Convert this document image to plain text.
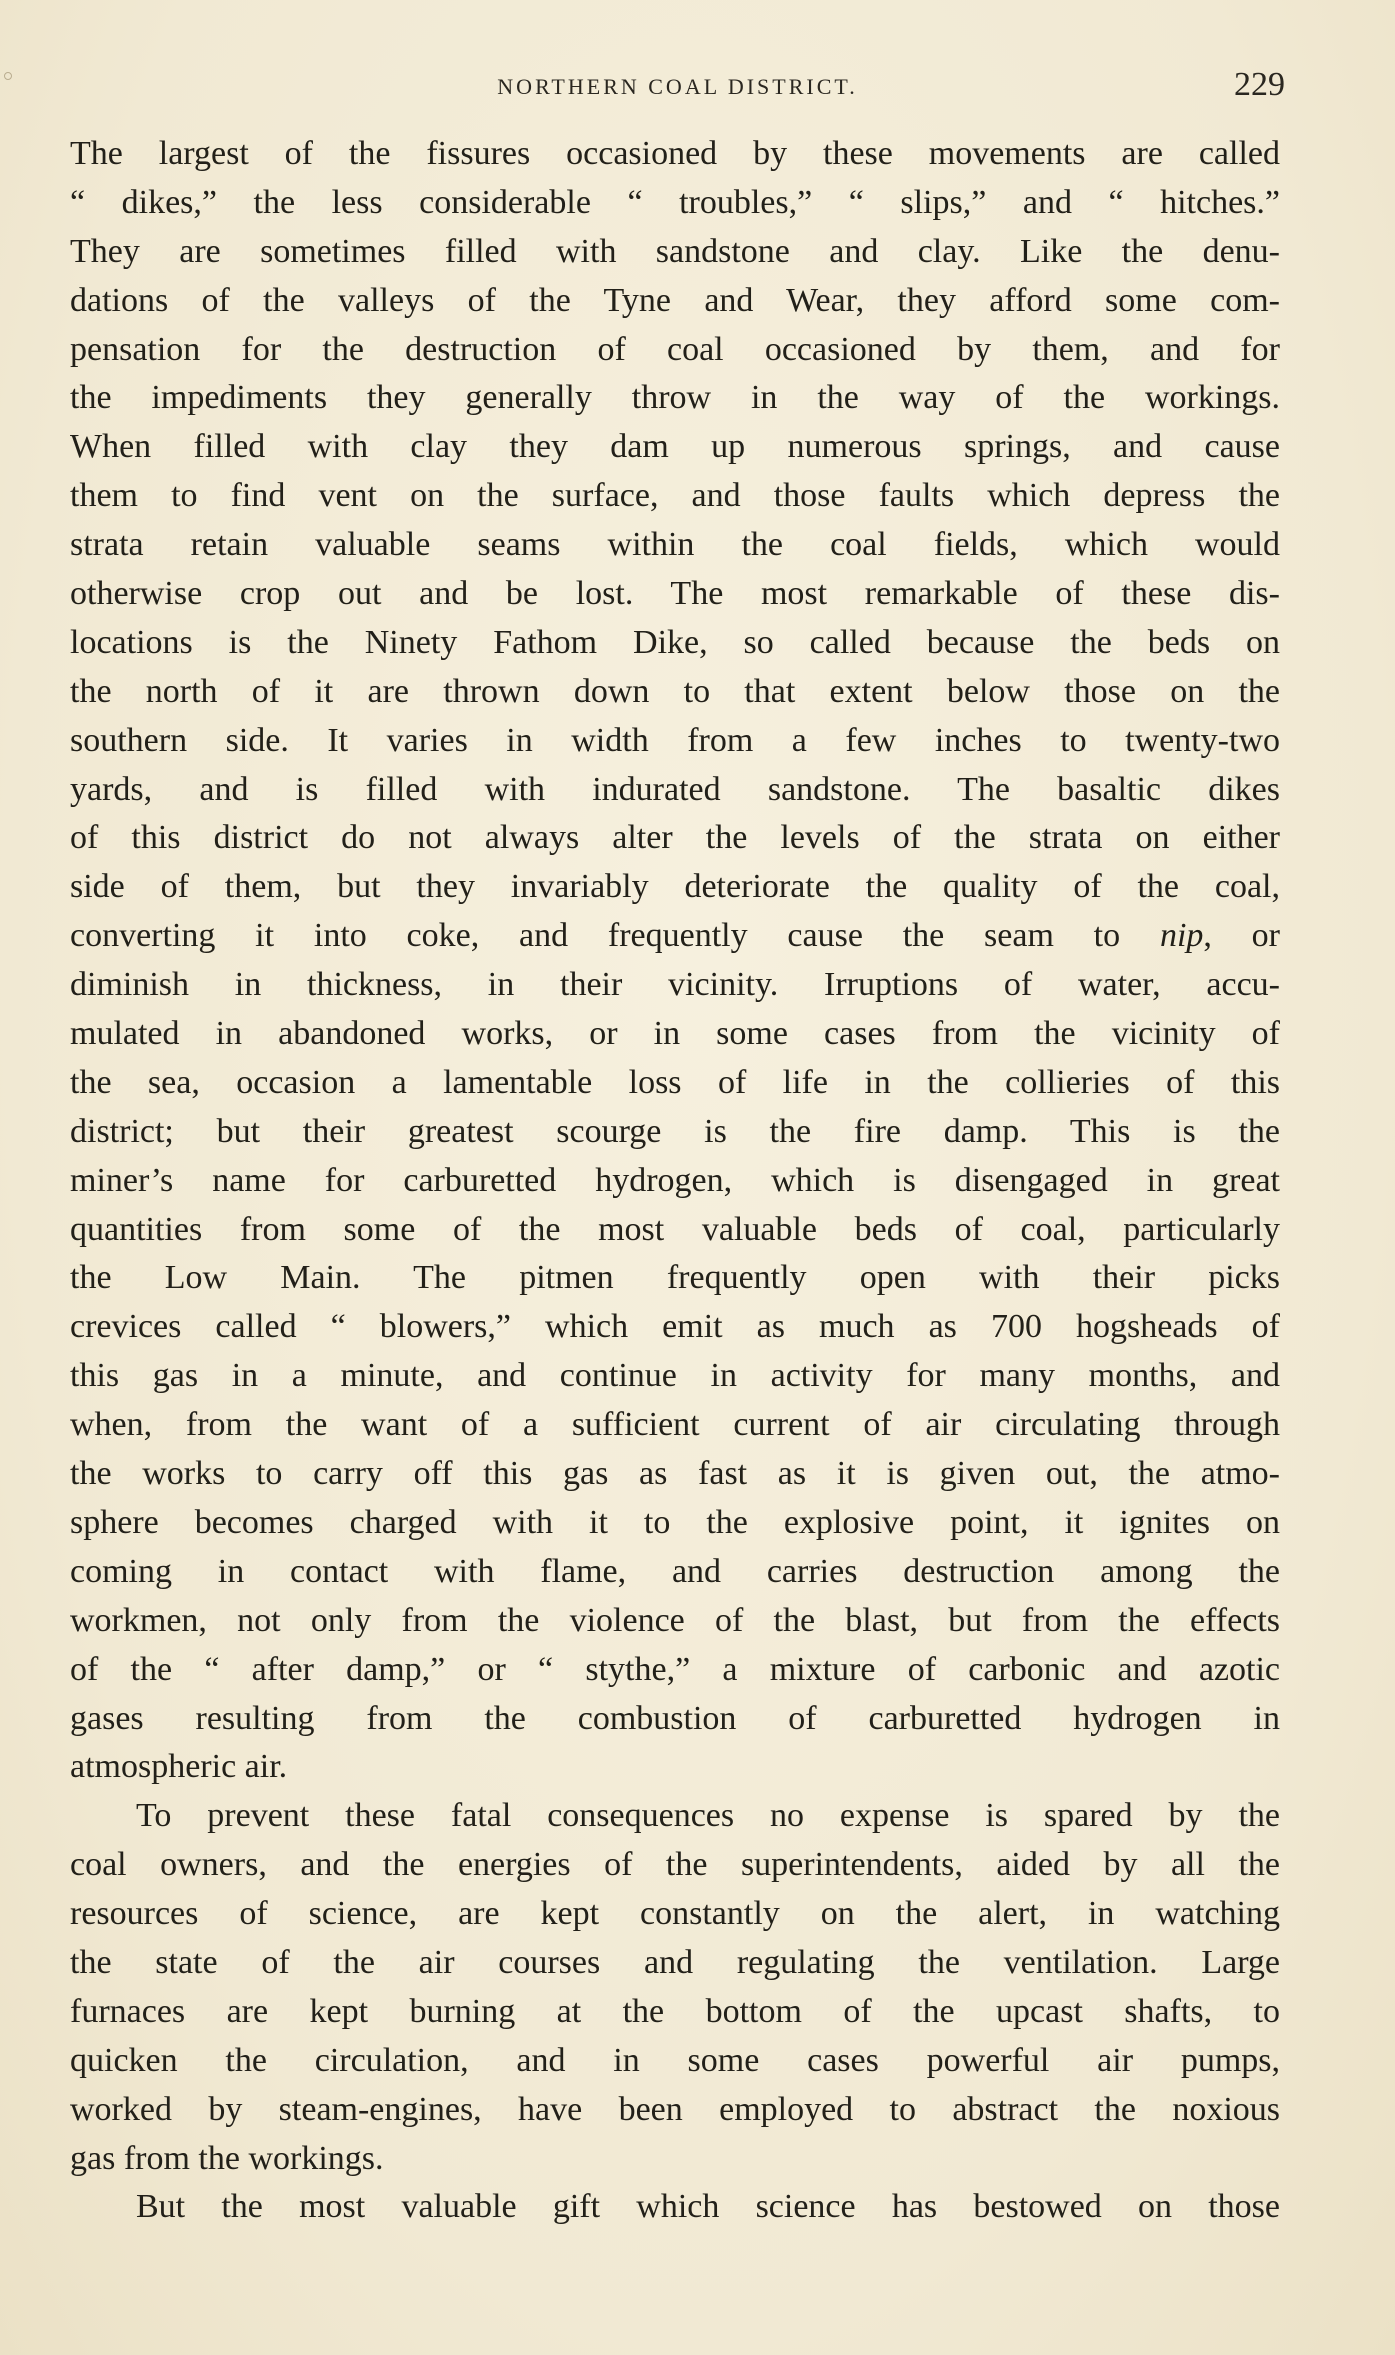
NORTHERN COAL DISTRICT.	229
The largest of the fissures occasioned by these movements are called
“ dikes,” the less considerable “ troubles,” “ slips,” and “ hitches.”
They are sometimes filled with sandstone and clay. Like the denu-
dations of the valleys of the Tyne and Wear, they afford some com-
pensation for the destruction of coal occasioned by them, and for
the impediments they generally throw in the way of the workings.
When filled with clay they dam up numerous springs, and cause
them to find vent on the surface, and those faults which depress the
strata retain valuable seams within the coal fields, which would
otherwise crop out and be lost. The most remarkable of these dis-
locations is the Ninety Fathom Dike, so called because the beds on
the north of it are thrown down to that extent below those on the
southern side. It varies in width from a few inches to twenty-two
yards, and is filled with indurated sandstone. The basaltic dikes
of this district do not always alter the levels of the strata on either
side of them, but they invariably deteriorate the quality of the coal,
converting it into coke, and frequently cause the seam to nip, or
diminish in thickness, in their vicinity. Irruptions of water, accu-
mulated in abandoned works, or in some cases from the vicinity of
the sea, occasion a lamentable loss of life in the collieries of this
district; but their greatest scourge is the fire damp. This is the
miner’s name for carburetted hydrogen, which is disengaged in great
quantities from some of the most valuable beds of coal, particularly
the Low Main. The pitmen frequently open with their picks
crevices called “ blowers,” which emit as much as 700 hogsheads of
this gas in a minute, and continue in activity for many months, and
when, from the want of a sufficient current of air circulating through
the works to carry off this gas as fast as it is given out, the atmo-
sphere becomes charged with it to the explosive point, it ignites on
coming in contact with flame, and carries destruction among the
workmen, not only from the violence of the blast, but from the effects
of the “ after damp,” or “ stythe,” a mixture of carbonic and azotic
gases resulting from the combustion of carburetted hydrogen in
atmospheric air.
To prevent these fatal consequences no expense is spared by the
coal owners, and the energies of the superintendents, aided by all the
resources of science, are kept constantly on the alert, in watching
the state of the air courses and regulating the ventilation. Large
furnaces are kept burning at the bottom of the upcast shafts, to
quicken the circulation, and in some cases powerful air pumps,
worked by steam-engines, have been employed to abstract the noxious
gas from the workings.
But the most valuable gift which science has bestowed on those
